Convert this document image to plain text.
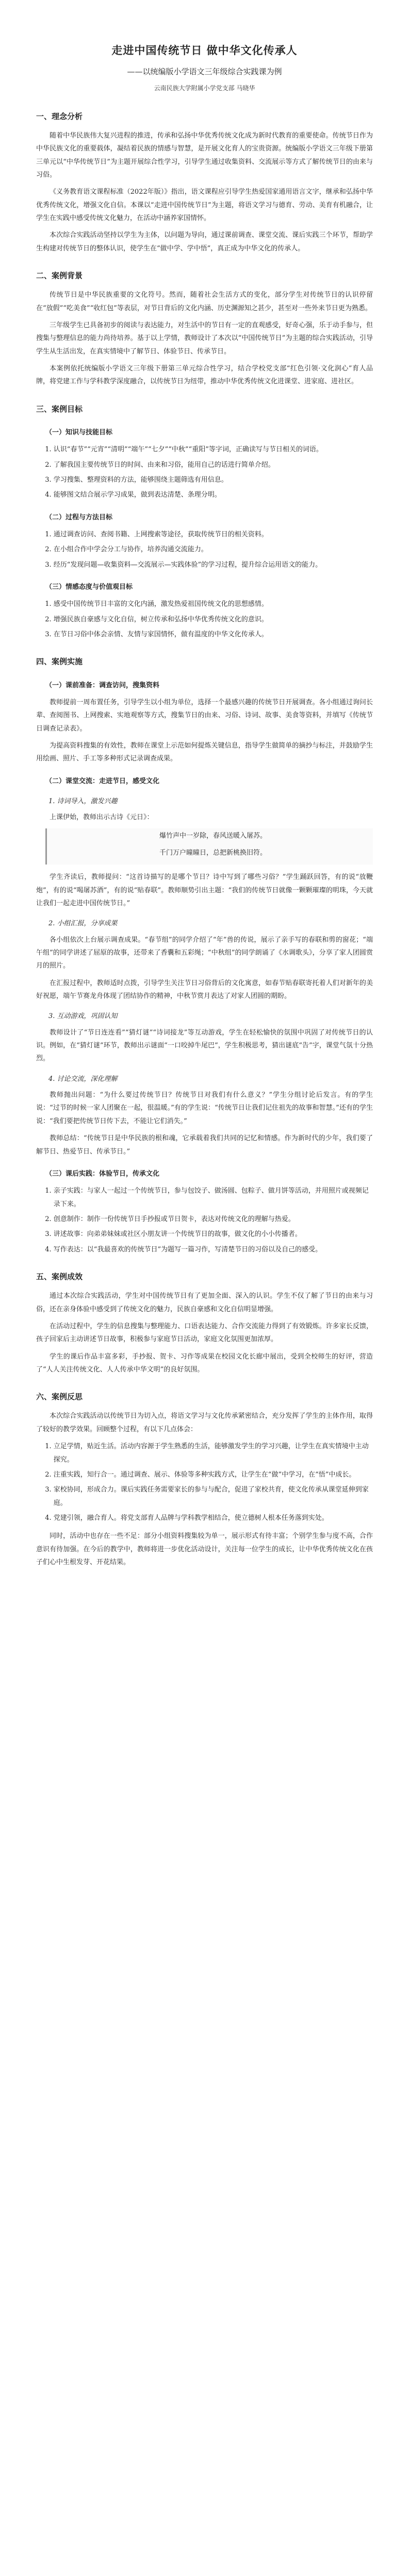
走进中国传统节日 做中华文化传承人
——以统编版小学语文三年级综合实践课为例
云南民族大学附属小学党支部 马晓华
一、理念分析

随着中华民族伟大复兴进程的推进，传承和弘扬中华优秀传统文化成为新时代教育的重要使命。传统节日作为中华民族文化的重要载体，凝结着民族的情感与智慧，是开展文化育人的宝贵资源。统编版小学语文三年级下册第三单元以“中华传统节日”为主题开展综合性学习，引导学生通过收集资料、交流展示等方式了解传统节日的由来与习俗。

《义务教育语文课程标准（2022年版）》指出，语文课程应引导学生热爱国家通用语言文字，继承和弘扬中华优秀传统文化，增强文化自信。本课以“走进中国传统节日”为主题，将语文学习与德育、劳动、美育有机融合，让学生在实践中感受传统文化魅力，在活动中涵养家国情怀。

本次综合实践活动坚持以学生为主体，以问题为导向，通过课前调查、课堂交流、课后实践三个环节，帮助学生构建对传统节日的整体认识，使学生在“做中学、学中悟”，真正成为中华文化的传承人。

二、案例背景

传统节日是中华民族重要的文化符号。然而，随着社会生活方式的变化，部分学生对传统节日的认识停留在“放假”“吃美食”“收红包”等表层，对节日背后的文化内涵、历史渊源知之甚少，甚至对一些外来节日更为熟悉。

三年级学生已具备初步的阅读与表达能力，对生活中的节日有一定的直观感受，好奇心强，乐于动手参与，但搜集与整理信息的能力尚待培养。基于以上学情，教师设计了本次以“中国传统节日”为主题的综合实践活动，引导学生从生活出发，在真实情境中了解节日、体验节日、传承节日。

本案例依托统编版小学语文三年级下册第三单元综合性学习，结合学校党支部“红色引领·文化润心”育人品牌，将党建工作与学科教学深度融合，以传统节日为纽带，推动中华优秀传统文化进课堂、进家庭、进社区。

三、案例目标
（一）知识与技能目标
1. 认识“春节”“元宵”“清明”“端午”“七夕”“中秋”“重阳”等字词，正确读写与节日相关的词语。
2. 了解我国主要传统节日的时间、由来和习俗，能用自己的话进行简单介绍。
3. 学习搜集、整理资料的方法，能够围绕主题筛选有用信息。
4. 能够图文结合展示学习成果，做到表达清楚、条理分明。
（二）过程与方法目标
1. 通过调查访问、查阅书籍、上网搜索等途径，获取传统节日的相关资料。
2. 在小组合作中学会分工与协作，培养沟通交流能力。
3. 经历“发现问题—收集资料—交流展示—实践体验”的学习过程，提升综合运用语文的能力。
（三）情感态度与价值观目标
1. 感受中国传统节日丰富的文化内涵，激发热爱祖国传统文化的思想感情。
2. 增强民族自豪感与文化自信，树立传承和弘扬中华优秀传统文化的意识。
3. 在节日习俗中体会亲情、友情与家国情怀，做有温度的中华文化传承人。
四、案例实施
（一）课前准备：调查访问，搜集资料

教师提前一周布置任务，引导学生以小组为单位，选择一个最感兴趣的传统节日开展调查。各小组通过询问长辈、查阅图书、上网搜索、实地观察等方式，搜集节日的由来、习俗、诗词、故事、美食等资料，并填写《传统节日调查记录表》。

为提高资料搜集的有效性，教师在课堂上示范如何提炼关键信息，指导学生做简单的摘抄与标注，并鼓励学生用绘画、照片、手工等多种形式记录调查成果。

（二）课堂交流：走进节日，感受文化
1. 诗词导入，激发兴趣

上课伊始，教师出示古诗《元日》：

爆竹声中一岁除，春风送暖入屠苏。

千门万户曈曈日，总把新桃换旧符。

学生齐读后，教师提问：“这首诗描写的是哪个节日？诗中写到了哪些习俗？”学生踊跃回答，有的说“放鞭炮”，有的说“喝屠苏酒”，有的说“贴春联”。教师顺势引出主题：“我们的传统节日就像一颗颗璀璨的明珠，今天就让我们一起走进中国传统节日。”

2. 小组汇报，分享成果

各小组依次上台展示调查成果。“春节组”的同学介绍了“年”兽的传说，展示了亲手写的春联和剪的窗花；“端午组”的同学讲述了屈原的故事，还带来了香囊和五彩绳；“中秋组”的同学朗诵了《水调歌头》，分享了家人团圆赏月的照片。

在汇报过程中，教师适时点拨，引导学生关注节日习俗背后的文化寓意，如春节贴春联寄托着人们对新年的美好祝愿，端午节赛龙舟体现了团结协作的精神，中秋节赏月表达了对家人团圆的期盼。

3. 互动游戏，巩固认知

教师设计了“节日连连看”“猜灯谜”“诗词接龙”等互动游戏，学生在轻松愉快的氛围中巩固了对传统节日的认识。例如，在“猜灯谜”环节，教师出示谜面“一口咬掉牛尾巴”，学生积极思考，猜出谜底“告”字，课堂气氛十分热烈。

4. 讨论交流，深化理解

教师抛出问题：“为什么要过传统节日？传统节日对我们有什么意义？”学生分组讨论后发言。有的学生说：“过节的时候一家人团聚在一起，很温暖。”有的学生说：“传统节日让我们记住祖先的故事和智慧。”还有的学生说：“我们要把传统节日传下去，不能让它们消失。”

教师总结：“传统节日是中华民族的根和魂，它承载着我们共同的记忆和情感。作为新时代的少年，我们要了解节日、热爱节日、传承节日。”

（三）课后实践：体验节日，传承文化
1. 亲子实践：与家人一起过一个传统节日，参与包饺子、做汤圆、包粽子、做月饼等活动，并用照片或视频记录下来。
2. 创意制作：制作一份传统节日手抄报或节日贺卡，表达对传统文化的理解与热爱。
3. 讲述故事：向弟弟妹妹或社区小朋友讲一个传统节日的故事，做文化的小小传播者。
4. 写作表达：以“我最喜欢的传统节日”为题写一篇习作，写清楚节日的习俗以及自己的感受。
五、案例成效

通过本次综合实践活动，学生对中国传统节日有了更加全面、深入的认识。学生不仅了解了节日的由来与习俗，还在亲身体验中感受到了传统文化的魅力，民族自豪感和文化自信明显增强。

在活动过程中，学生的信息搜集与整理能力、口语表达能力、合作交流能力得到了有效锻炼。许多家长反馈，孩子回家后主动讲述节日故事，积极参与家庭节日活动，家庭文化氛围更加浓厚。

学生的课后作品丰富多彩，手抄报、贺卡、习作等成果在校园文化长廊中展出，受到全校师生的好评，营造了“人人关注传统文化、人人传承中华文明”的良好氛围。

六、案例反思

本次综合实践活动以传统节日为切入点，将语文学习与文化传承紧密结合，充分发挥了学生的主体作用，取得了较好的教学效果。回顾整个过程，有以下几点体会：

1. 立足学情，贴近生活。活动内容源于学生熟悉的生活，能够激发学生的学习兴趣，让学生在真实情境中主动探究。
2. 注重实践，知行合一。通过调查、展示、体验等多种实践方式，让学生在“做”中学习，在“悟”中成长。
3. 家校协同，形成合力。课后实践任务需要家长的参与与配合，促进了家校共育，使文化传承从课堂延伸到家庭。
4. 党建引领，融合育人。将党支部育人品牌与学科教学相结合，使立德树人根本任务落到实处。

同时，活动中也存在一些不足：部分小组资料搜集较为单一，展示形式有待丰富；个别学生参与度不高，合作意识有待加强。在今后的教学中，教师将进一步优化活动设计，关注每一位学生的成长，让中华优秀传统文化在孩子们心中生根发芽、开花结果。
